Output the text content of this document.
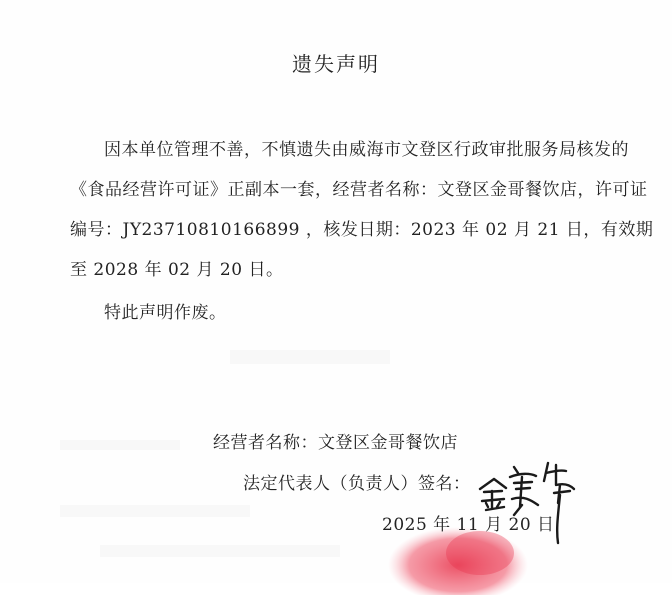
遗失声明
因本单位管理不善，不慎遗失由威海市文登区行政审批服务局核发的《食品经营许可证》正副本一套，经营者名称：文登区金哥餐饮店，许可证编号：JY23710810166899 ，核发日期：2023 年 02 月 21 日，有效期至 2028 年 02 月 20 日。
特此声明作废。
经营者名称：文登区金哥餐饮店
法定代表人（负责人）签名：
2025 年 11 月 20 日
